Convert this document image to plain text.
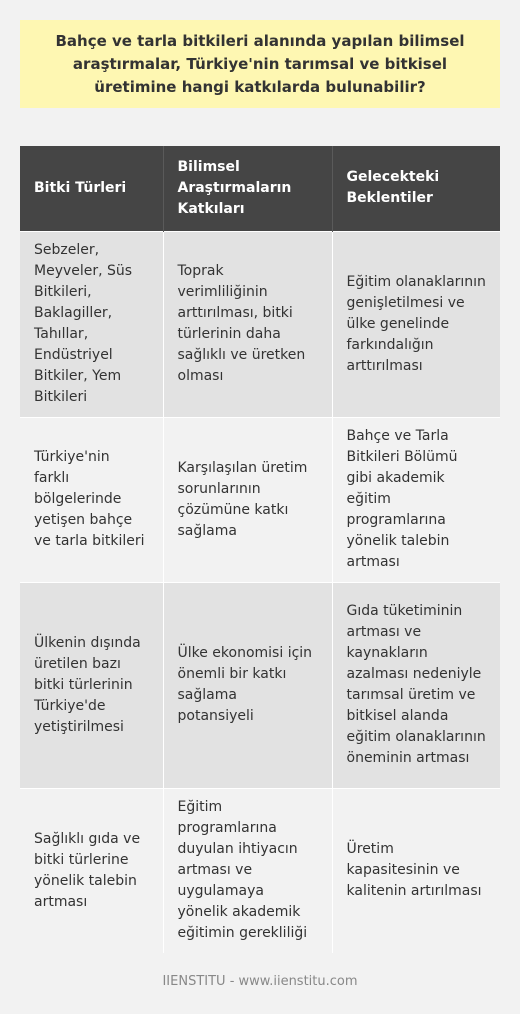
Bahçe ve tarla bitkileri alanında yapılan bilimsel araştırmalar, Türkiye'nin tarımsal ve bitkisel üretimine hangi katkılarda bulunabilir?

Bitki Türleri	Bilimsel Araştırmaların Katkıları	Gelecekteki Beklentiler
Sebzeler, Meyveler, Süs Bitkileri, Baklagiller, Tahıllar, Endüstriyel Bitkiler, Yem Bitkileri	Toprak verimliliğinin arttırılması, bitki türlerinin daha sağlıklı ve üretken olması	Eğitim olanaklarının genişletilmesi ve ülke genelinde farkındalığın arttırılması
Türkiye'nin farklı bölgelerinde yetişen bahçe ve tarla bitkileri	Karşılaşılan üretim sorunlarının çözümüne katkı sağlama	Bahçe ve Tarla Bitkileri Bölümü gibi akademik eğitim programlarına yönelik talebin artması
Ülkenin dışında üretilen bazı bitki türlerinin Türkiye'de yetiştirilmesi	Ülke ekonomisi için önemli bir katkı sağlama potansiyeli	Gıda tüketiminin artması ve kaynakların azalması nedeniyle tarımsal üretim ve bitkisel alanda eğitim olanaklarının öneminin artması
Sağlıklı gıda ve bitki türlerine yönelik talebin artması	Eğitim programlarına duyulan ihtiyacın artması ve uygulamaya yönelik akademik eğitimin gerekliliği	Üretim kapasitesinin ve kalitenin artırılması
IIENSTITU - www.iienstitu.com
